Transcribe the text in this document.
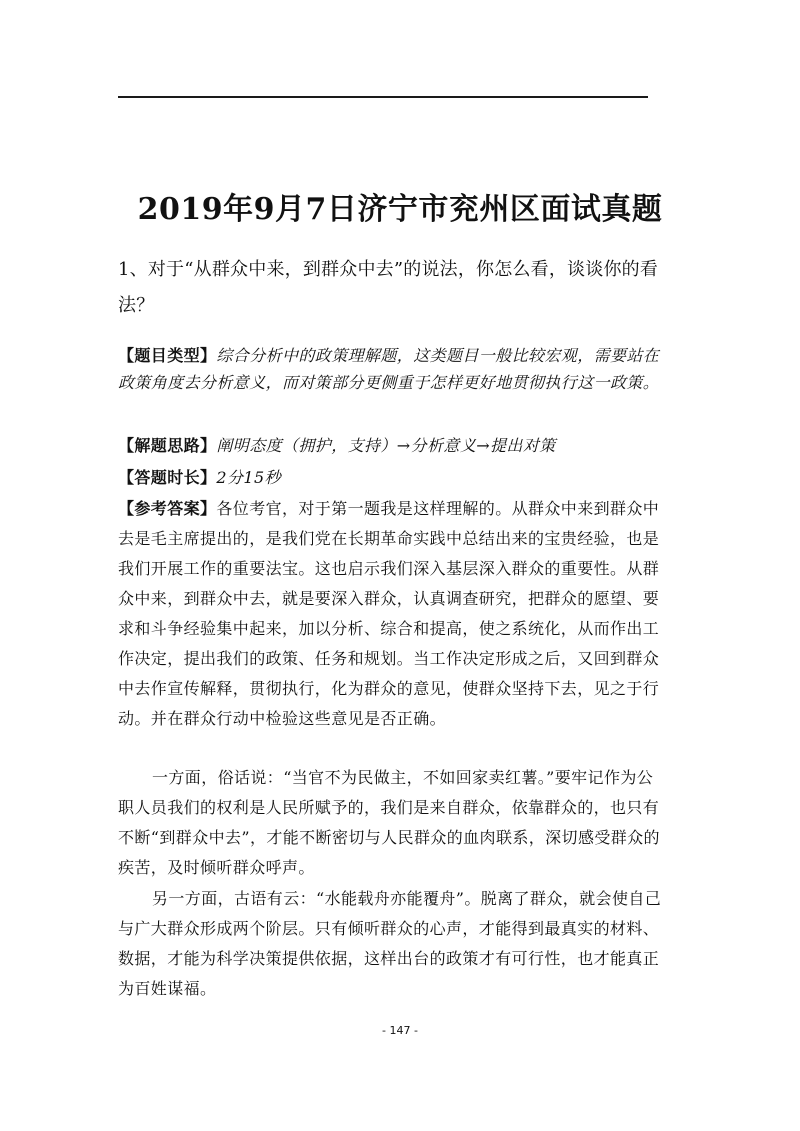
2019年9月7日济宁市兖州区面试真题
1、对于“从群众中来，到群众中去”的说法，你怎么看，谈谈你的看法？
【题目类型】综合分析中的政策理解题，这类题目一般比较宏观，需要站在政策角度去分析意义，而对策部分更侧重于怎样更好地贯彻执行这一政策。
【解题思路】阐明态度（拥护，支持）→分析意义→提出对策
【答题时长】2分15秒
【参考答案】各位考官，对于第一题我是这样理解的。从群众中来到群众中去是毛主席提出的，是我们党在长期革命实践中总结出来的宝贵经验，也是我们开展工作的重要法宝。这也启示我们深入基层深入群众的重要性。从群众中来，到群众中去，就是要深入群众，认真调查研究，把群众的愿望、要求和斗争经验集中起来，加以分析、综合和提高，使之系统化，从而作出工作决定，提出我们的政策、任务和规划。当工作决定形成之后，又回到群众中去作宣传解释，贯彻执行，化为群众的意见，使群众坚持下去，见之于行动。并在群众行动中检验这些意见是否正确。
一方面，俗话说：“当官不为民做主，不如回家卖红薯。”要牢记作为公职人员我们的权利是人民所赋予的，我们是来自群众，依靠群众的，也只有不断“到群众中去”，才能不断密切与人民群众的血肉联系，深切感受群众的疾苦，及时倾听群众呼声。
另一方面，古语有云：“水能载舟亦能覆舟”。脱离了群众，就会使自己与广大群众形成两个阶层。只有倾听群众的心声，才能得到最真实的材料、数据，才能为科学决策提供依据，这样出台的政策才有可行性，也才能真正为百姓谋福。
- 147 -
